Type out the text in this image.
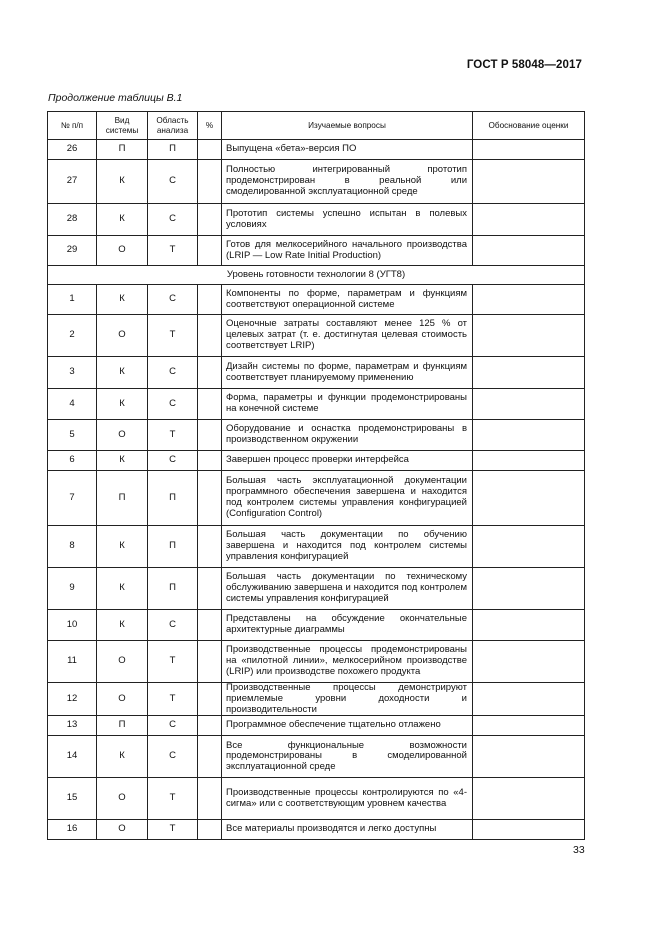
ГОСТ Р 58048—2017
Продолжение таблицы В.1
№ п/п	Вид системы	Область анализа	%	Изучаемые вопросы	Обоснование оценки
26	П	П		Выпущена «бета»-версия ПО	
27	К	С		Полностью интегрированный прототип продемонстрирован в реальной или смоделированной эксплуатационной среде	
28	К	С		Прототип системы успешно испытан в полевых условиях	
29	О	Т		Готов для мелкосерийного начального производства (LRIP — Low Rate Initial Production)	
Уровень готовности технологии 8 (УГТ8)					
1	К	С		Компоненты по форме, параметрам и функциям соответствуют операционной системе	
2	О	Т		Оценочные затраты составляют менее 125 % от целевых затрат (т. е. достигнутая целевая стоимость соответствует LRIP)	
3	К	С		Дизайн системы по форме, параметрам и функциям соответствует планируемому применению	
4	К	С		Форма, параметры и функции продемонстрированы на конечной системе	
5	О	Т		Оборудование и оснастка продемонстрированы в производственном окружении	
6	К	С		Завершен процесс проверки интерфейса	
7	П	П		Большая часть эксплуатационной документации программного обеспечения завершена и находится под контролем системы управления конфигурацией (Configuration Control)	
8	К	П		Большая часть документации по обучению завершена и находится под контролем системы управления конфигурацией	
9	К	П		Большая часть документации по техническому обслуживанию завершена и находится под контролем системы управления конфигурацией	
10	К	С		Представлены на обсуждение окончательные архитектурные диаграммы	
11	О	Т		Производственные процессы продемонстрированы на «пилотной линии», мелкосерийном производстве (LRIP) или производстве похожего продукта	
12	О	Т		Производственные процессы демонстрируют приемлемые уровни доходности и производительности	
13	П	С		Программное обеспечение тщательно отлажено	
14	К	С		Все функциональные возможности продемонстрированы в смоделированной эксплуатационной среде	
15	О	Т		Производственные процессы контролируются по «4-сигма» или с соответствующим уровнем качества	
16	О	Т		Все материалы производятся и легко доступны	
33
